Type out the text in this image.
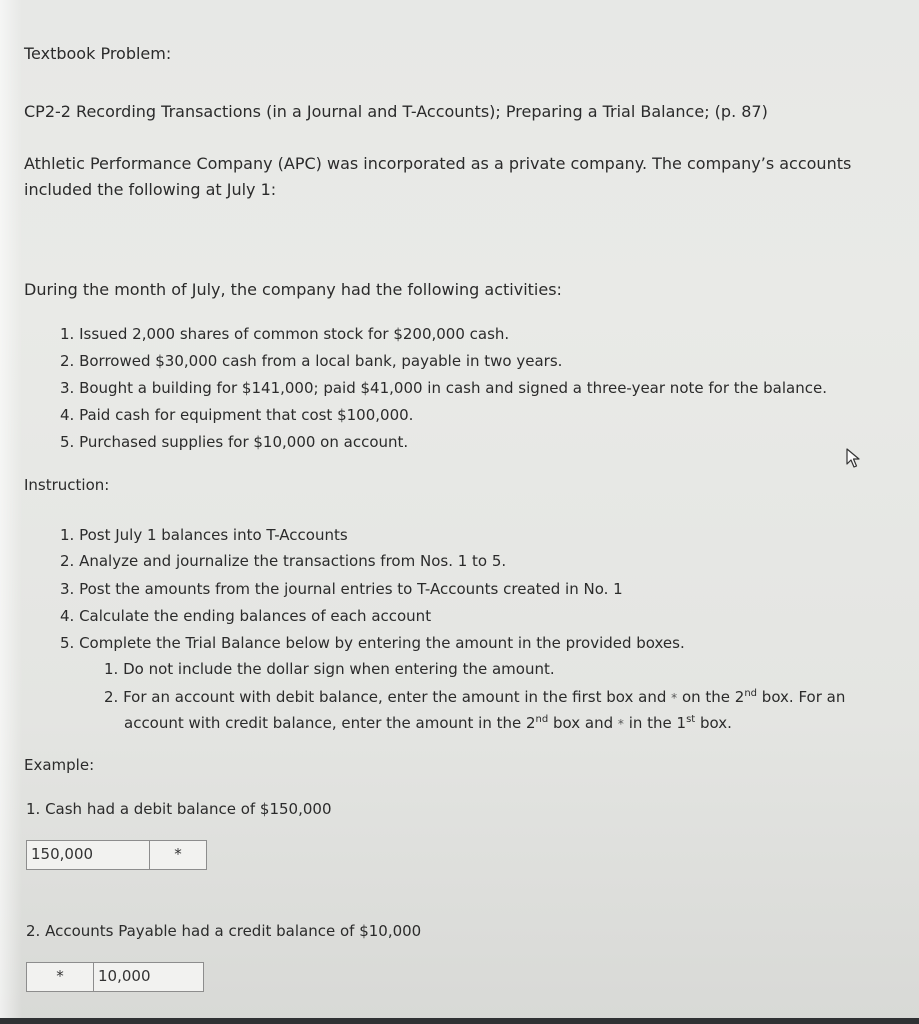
Textbook Problem:
CP2-2 Recording Transactions (in a Journal and T-Accounts); Preparing a Trial Balance; (p. 87)
Athletic Performance Company (APC) was incorporated as a private company. The company’s accounts
included the following at July 1:
During the month of July, the company had the following activities:
1. Issued 2,000 shares of common stock for $200,000 cash.
2. Borrowed $30,000 cash from a local bank, payable in two years.
3. Bought a building for $141,000; paid $41,000 in cash and signed a three-year note for the balance.
4. Paid cash for equipment that cost $100,000.
5. Purchased supplies for $10,000 on account.
Instruction:
1. Post July 1 balances into T-Accounts
2. Analyze and journalize the transactions from Nos. 1 to 5.
3. Post the amounts from the journal entries to T-Accounts created in No. 1
4. Calculate the ending balances of each account
5. Complete the Trial Balance below by entering the amount in the provided boxes.
1. Do not include the dollar sign when entering the amount.
2. For an account with debit balance, enter the amount in the first box and * on the 2nd box. For an
account with credit balance, enter the amount in the 2nd box and * in the 1st box.
Example:
1. Cash had a debit balance of $150,000
150,000	*
2. Accounts Payable had a credit balance of $10,000
*	10,000
